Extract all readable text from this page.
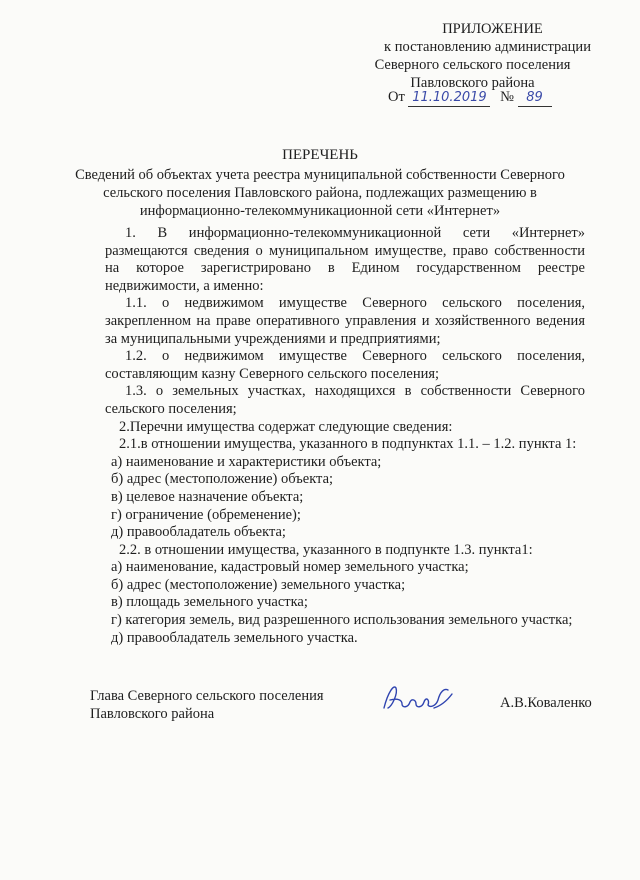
ПРИЛОЖЕНИЕ
к постановлению администрации
Северного сельского поселения
Павловского района
От 11.10.2019 № 89
ПЕРЕЧЕНЬ
Сведений об объектах учета реестра муниципальной собственности Северного сельского поселения Павловского района, подлежащих размещению в информационно-телекоммуникационной сети «Интернет»

1. В информационно-телекоммуникационной сети «Интернет» размещаются сведения о муниципальном имуществе, право собственности на которое зарегистрировано в Едином государственном реестре недвижимости, а именно:

1.1. о недвижимом имуществе Северного сельского поселения, закрепленном на праве оперативного управления и хозяйственного ведения за муниципальными учреждениями и предприятиями;

1.2. о недвижимом имуществе Северного сельского поселения, составляющим казну Северного сельского поселения;

1.3. о земельных участках, находящихся в собственности Северного сельского поселения;

2.Перечни имущества содержат следующие сведения:

2.1.в отношении имущества, указанного в подпунктах 1.1. – 1.2. пункта 1:

а) наименование и характеристики объекта;

б) адрес (местоположение) объекта;

в) целевое назначение объекта;

г) ограничение (обременение);

д) правообладатель объекта;

2.2. в отношении имущества, указанного в подпункте 1.3. пункта1:

а) наименование, кадастровый номер земельного участка;

б) адрес (местоположение) земельного участка;

в) площадь земельного участка;

г) категория земель, вид разрешенного использования земельного участка;

д) правообладатель земельного участка.

Глава Северного сельского поселения
Павловского района
А.В.Коваленко
